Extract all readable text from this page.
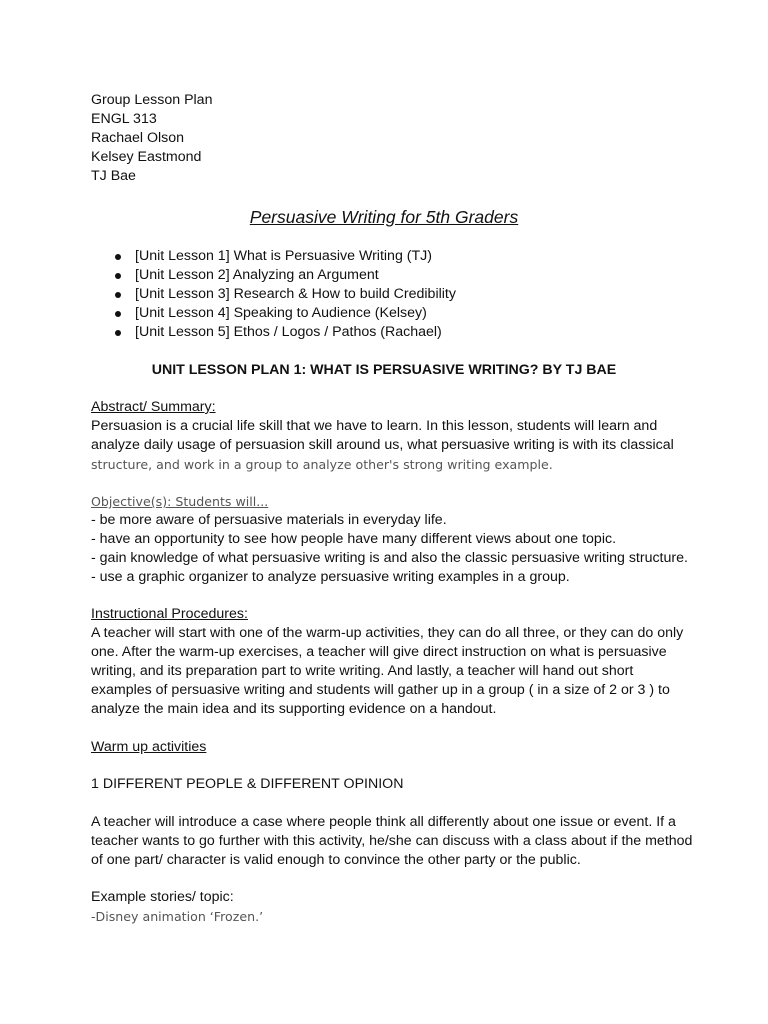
Group Lesson Plan
ENGL 313
Rachael Olson
Kelsey Eastmond
TJ Bae
Persuasive Writing for 5th Graders
[Unit Lesson 1] What is Persuasive Writing (TJ)
[Unit Lesson 2] Analyzing an Argument
[Unit Lesson 3] Research & How to build Credibility
[Unit Lesson 4] Speaking to Audience (Kelsey)
[Unit Lesson 5] Ethos / Logos / Pathos (Rachael)
UNIT LESSON PLAN 1: WHAT IS PERSUASIVE WRITING? BY TJ BAE
Abstract/ Summary:
Persuasion is a crucial life skill that we have to learn. In this lesson, students will learn and
analyze daily usage of persuasion skill around us, what persuasive writing is with its classical
structure, and work in a group to analyze other's strong writing example.
Objective(s): Students will...
- be more aware of persuasive materials in everyday life.
- have an opportunity to see how people have many different views about one topic.
- gain knowledge of what persuasive writing is and also the classic persuasive writing structure.
- use a graphic organizer to analyze persuasive writing examples in a group.
Instructional Procedures:
A teacher will start with one of the warm-up activities, they can do all three, or they can do only
one. After the warm-up exercises, a teacher will give direct instruction on what is persuasive
writing, and its preparation part to write writing. And lastly, a teacher will hand out short
examples of persuasive writing and students will gather up in a group ( in a size of 2 or 3 ) to
analyze the main idea and its supporting evidence on a handout.
Warm up activities
1 DIFFERENT PEOPLE & DIFFERENT OPINION
A teacher will introduce a case where people think all differently about one issue or event. If a
teacher wants to go further with this activity, he/she can discuss with a class about if the method
of one part/ character is valid enough to convince the other party or the public.
Example stories/ topic:
-Disney animation ‘Frozen.’
